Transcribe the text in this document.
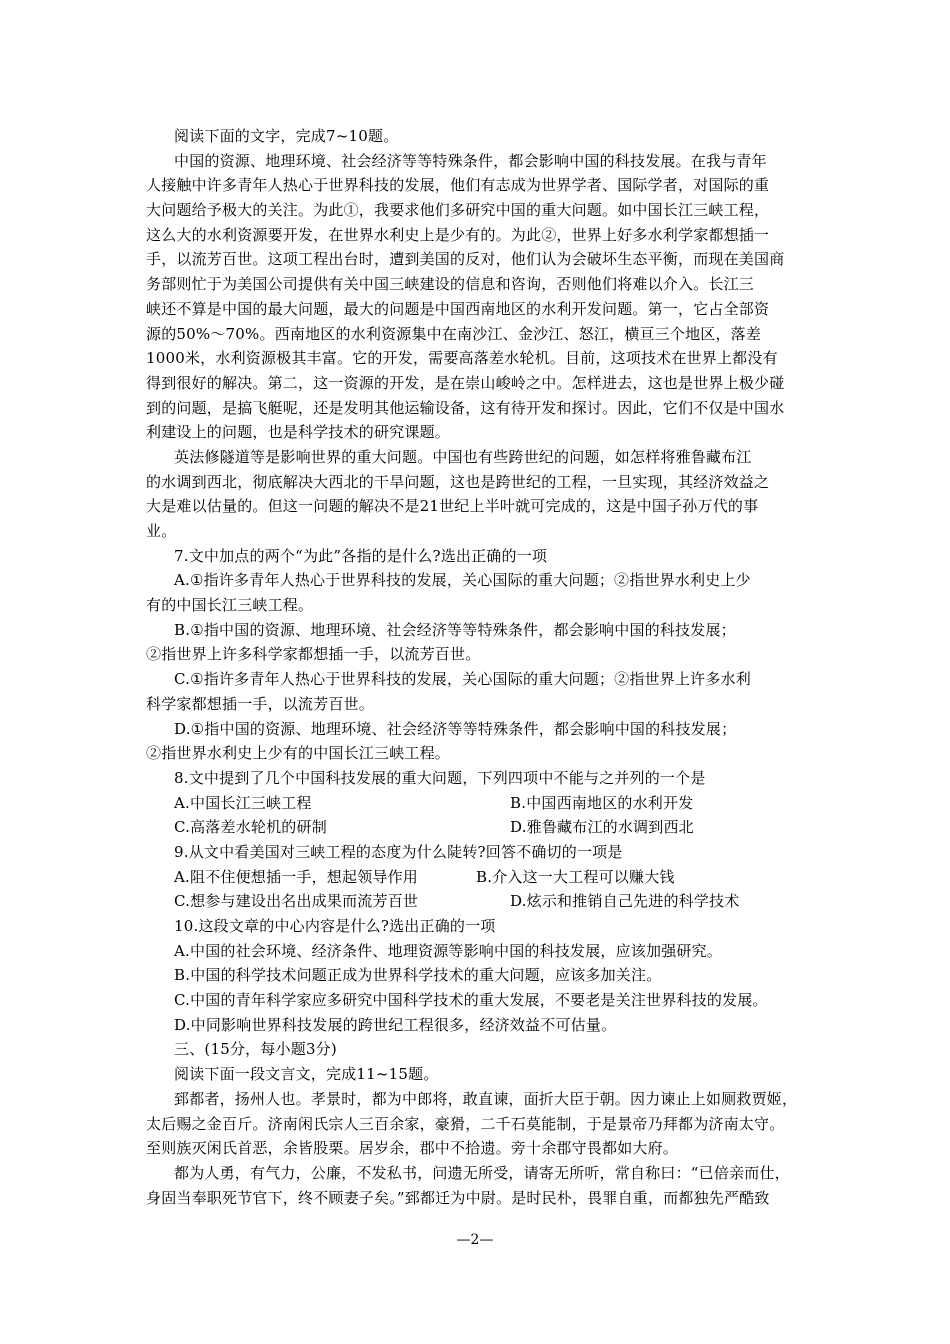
阅读下面的文字，完成7~10题。
中国的资源、地理环境、社会经济等等特殊条件，都会影响中国的科技发展。在我与青年
人接触中许多青年人热心于世界科技的发展，他们有志成为世界学者、国际学者，对国际的重
大问题给予极大的关注。为此①，我要求他们多研究中国的重大问题。如中国长江三峡工程，
这么大的水利资源要开发，在世界水利史上是少有的。为此②，世界上好多水利学家都想插一
手，以流芳百世。这项工程出台时，遭到美国的反对，他们认为会破坏生态平衡，而现在美国商
务部则忙于为美国公司提供有关中国三峡建设的信息和咨询，否则他们将难以介入。长江三
峡还不算是中国的最大问题，最大的问题是中国西南地区的水利开发问题。第一，它占全部资
源的50%～70%。西南地区的水利资源集中在南沙江、金沙江、怒江，横亘三个地区，落差
1000米，水利资源极其丰富。它的开发，需要高落差水轮机。目前，这项技术在世界上都没有
得到很好的解决。第二，这一资源的开发，是在崇山峻岭之中。怎样进去，这也是世界上极少碰
到的问题，是搞飞艇呢，还是发明其他运输设备，这有待开发和探讨。因此，它们不仅是中国水
利建设上的问题，也是科学技术的研究课题。
英法修隧道等是影响世界的重大问题。中国也有些跨世纪的问题，如怎样将雅鲁藏布江
的水调到西北，彻底解决大西北的干旱问题，这也是跨世纪的工程，一旦实现，其经济效益之
大是难以估量的。但这一问题的解决不是21世纪上半叶就可完成的，这是中国子孙万代的事
业。
7.文中加点的两个“为此”各指的是什么?选出正确的一项
A.①指许多青年人热心于世界科技的发展，关心国际的重大问题；②指世界水利史上少
有的中国长江三峡工程。
B.①指中国的资源、地理环境、社会经济等等特殊条件，都会影响中国的科技发展；
②指世界上许多科学家都想插一手，以流芳百世。
C.①指许多青年人热心于世界科技的发展，关心国际的重大问题；②指世界上许多水利
科学家都想插一手，以流芳百世。
D.①指中国的资源、地理环境、社会经济等等特殊条件，都会影响中国的科技发展；
②指世界水利史上少有的中国长江三峡工程。
8.文中提到了几个中国科技发展的重大问题，下列四项中不能与之并列的一个是
A.中国长江三峡工程	B.中国西南地区的水利开发
C.高落差水轮机的研制	D.雅鲁藏布江的水调到西北
9.从文中看美国对三峡工程的态度为什么陡转?回答不确切的一项是
A.阻不住便想插一手，想起领导作用	B.介入这一大工程可以赚大钱
C.想参与建设出名出成果而流芳百世	D.炫示和推销自己先进的科学技术
10.这段文章的中心内容是什么?选出正确的一项
A.中国的社会环境、经济条件、地理资源等影响中国的科技发展，应该加强研究。
B.中国的科学技术问题正成为世界科学技术的重大问题，应该多加关注。
C.中国的青年科学家应多研究中国科学技术的重大发展，不要老是关注世界科技的发展。
D.中同影响世界科技发展的跨世纪工程很多，经济效益不可估量。
三、(15分，每小题3分)
阅读下面一段文言文，完成11~15题。
郅都者，扬州人也。孝景时，都为中郎将，敢直谏，面折大臣于朝。因力谏止上如厕救贾姬，
太后赐之金百斤。济南闲氏宗人三百余家，豪猾，二千石莫能制，于是景帝乃拜都为济南太守。
至则族灭闲氏首恶，余皆股栗。居岁余，郡中不拾遗。旁十余郡守畏都如大府。
都为人勇，有气力，公廉，不发私书，问遗无所受，请寄无所听，常自称曰：“已倍亲而仕，
身固当奉职死节官下，终不顾妻子矣。”郅都迁为中尉。是时民朴，畏罪自重，而都独先严酷致
—2—
